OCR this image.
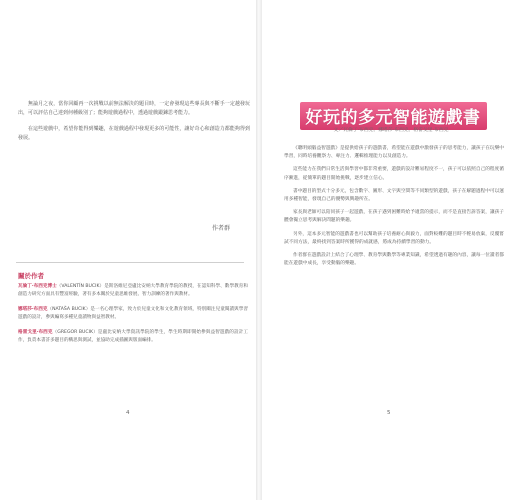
無論月之夜，當你回顧再一次挑戰以前無法解決的題目時，一定會發現這些專長與不斷手一定越發玩出，可以評估自己達到何種級別了；能夠遊戲過程中，透過遊戲鍛鍊思考能力。

在這些遊戲中，希望你能得到樂趣，在遊戲過程中發現更多的可能性，讓好奇心和創造力都能夠得到發展。

作者群
關於作者

瓦倫丁‧布西克博士（VALENTÍN BUCIK）是斯洛維尼亞盧比安納大學教育學院的教授，在認知科學、數學教育和創造力研究方面具有豐富經驗，著有多本關於兒童思維發展、智力訓練的著作與教材。

娜塔莎‧布西克（NATAŠA BUCIK）是一名心理學家，致力於兒童文化和文化教育領域，特別關注兒童閱讀與學習遊戲的設計，參與編寫多種兒童讀物與益智教材。

格雷戈里‧布西克（GREGOR BUCIK）是盧比安納大學資訊學院的學生，學生時期即開始參與益智遊戲的設計工作，負責本書許多題目的構思與測試，並協助完成插圖與版面編排。

4
好玩的多元智能遊戲書

文／瓦倫丁‧布西克、娜塔莎‧布西克、格雷戈里‧布西克

《聰明頭腦益智遊戲》是提供給孩子的遊戲書，希望能在遊戲中激發孩子的思考能力，讓孩子在玩樂中學習，同時培養觀察力、專注力、邏輯推理能力以及創造力。

這些能力在我們日常生活與學習中都非常重要，遊戲的設計難易程度不一，孩子可以依照自己的程度循序漸進，從簡單的題目開始挑戰，逐步建立信心。

書中題目的型式十分多元，包含數字、圖形、文字與空間等不同類型的遊戲，孩子在解題過程中可以運用多種智能，發現自己的優勢與興趣所在。

家長與老師可以陪同孩子一起遊戲，在孩子遇到困難時給予適當的提示，而不是直接告訴答案，讓孩子體會獨立思考與解決問題的樂趣。

另外，這本多元智能的遊戲書也可以幫助孩子培養耐心與毅力，面對較難的題目時不輕易放棄，反覆嘗試不同方法，最終找到答案時所獲得的成就感，將成為持續學習的動力。

作者群在遊戲設計上結合了心理學、教育學與數學等專業知識，希望透過有趣的內容，讓每一位讀者都能在遊戲中成長，享受動腦的樂趣。

5
